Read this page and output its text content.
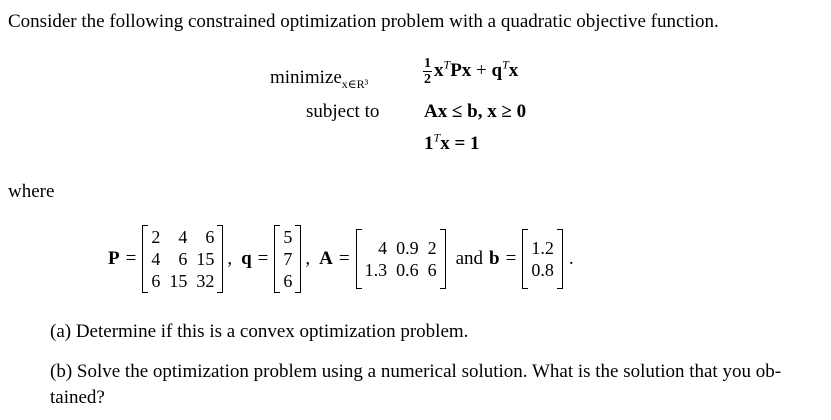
Consider the following constrained optimization problem with a quadratic objective function.
minimize$_{x\in R^3}$	$\frac{1}{2} x^TPx + q^Tx$
subject to Ax ≤ b, x ≥ 0
$1^Tx = 1$
where
P =
2	4	6
4	6 15
6 15 32
, q =
5
7
6
, A =	4 0.9 2
1.3 0.6 6
and b = 1.2
0.8
.
(a) Determine if this is a convex optimization problem.
(b) Solve the optimization problem using a numerical solution. What is the solution that you ob-
tained?
